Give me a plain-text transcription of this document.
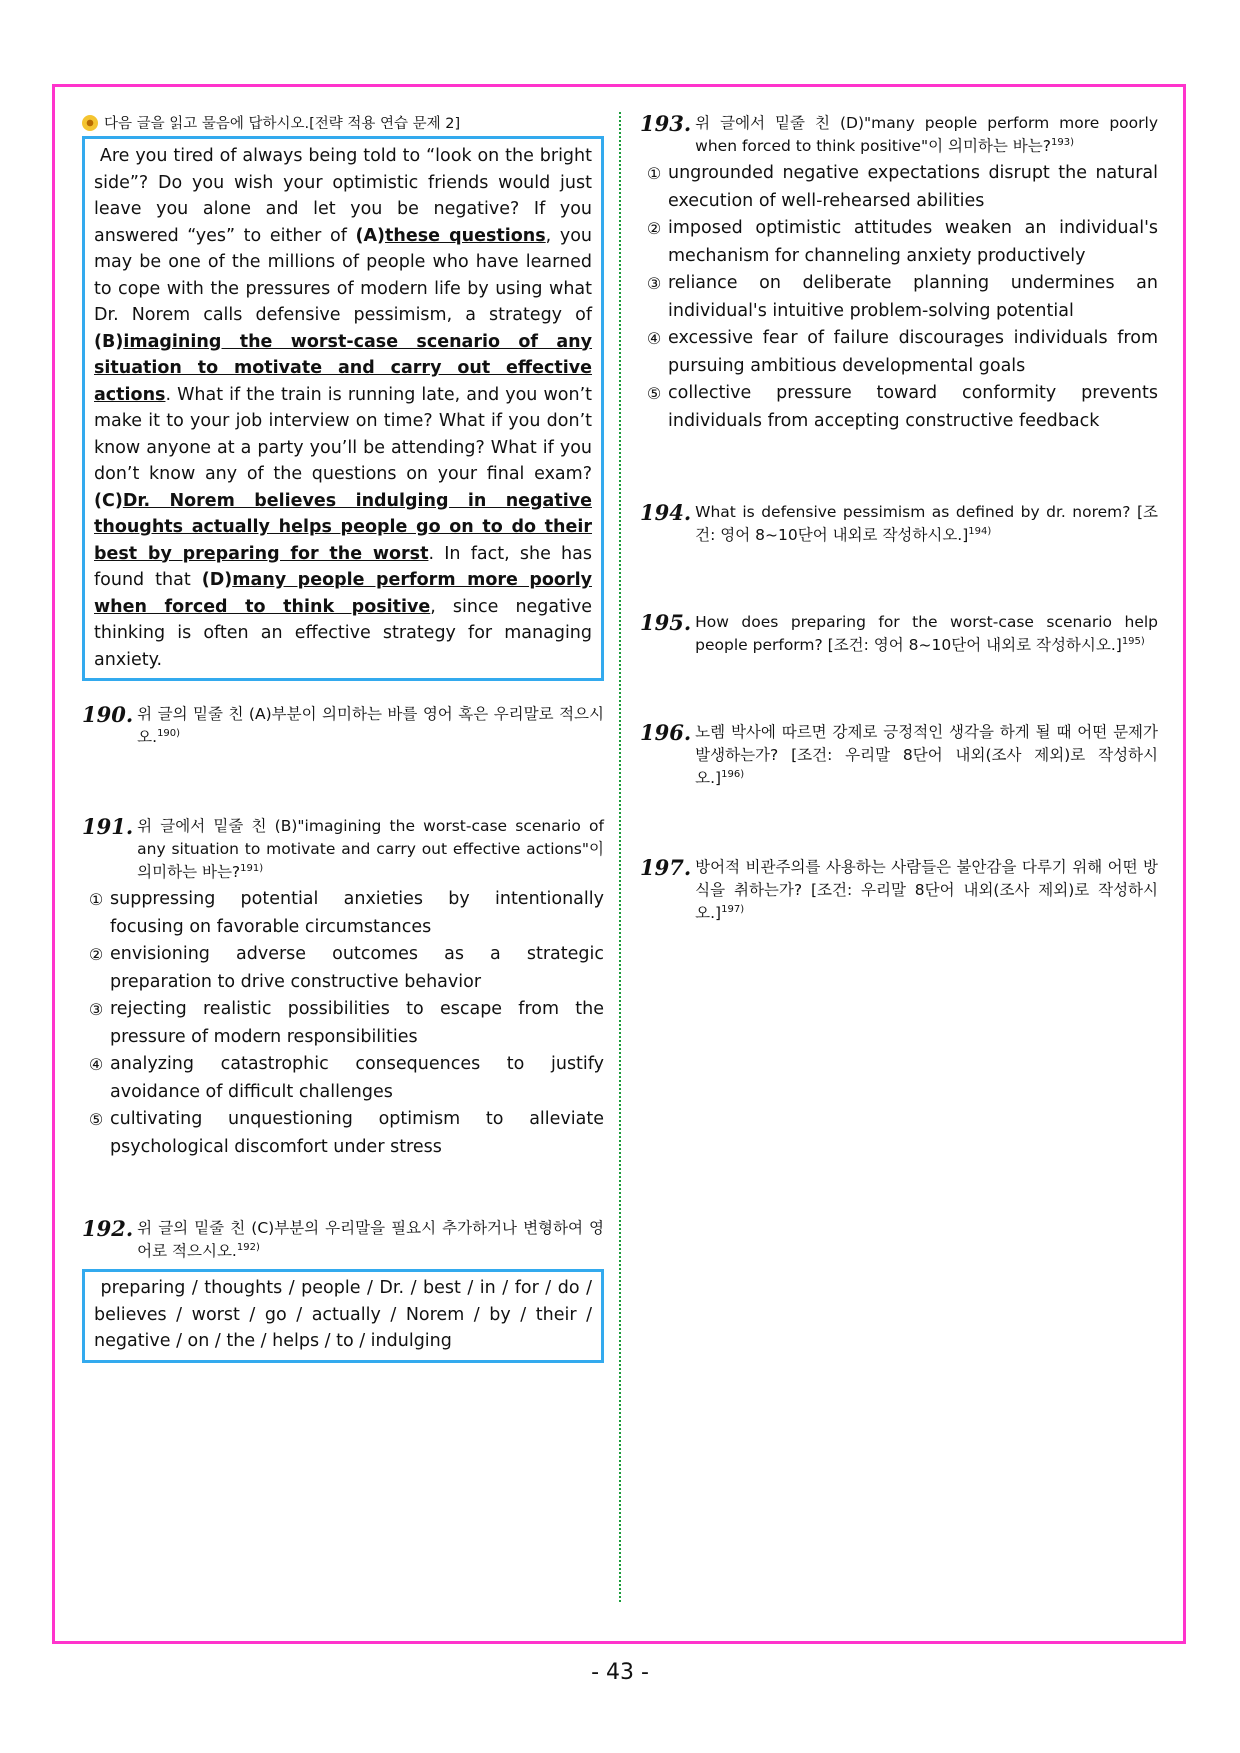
다음 글을 읽고 물음에 답하시오.[전략 적용 연습 문제 2]
Are you tired of always being told to “look on the bright side”? Do you wish your optimistic friends would just leave you alone and let you be negative? If you answered “yes” to either of (A)these questions, you may be one of the millions of people who have learned to cope with the pressures of modern life by using what Dr. Norem calls defensive pessimism, a strategy of (B)imagining the worst-case scenario of any situation to motivate and carry out effective actions. What if the train is running late, and you won’t make it to your job interview on time? What if you don’t know anyone at a party you’ll be attending? What if you don’t know any of the questions on your final exam? (C)Dr. Norem believes indulging in negative thoughts actually helps people go on to do their best by preparing for the worst. In fact, she has found that (D)many people perform more poorly when forced to think positive, since negative thinking is often an effective strategy for managing anxiety.
190. 위 글의 밑줄 친 (A)부분이 의미하는 바를 영어 혹은 우리말로 적으시오.$^{190)}$
191. 위 글에서 밑줄 친 (B)"imagining the worst-case scenario of any situation to motivate and carry out effective actions"이 의미하는 바는?$^{191)}$
① suppressing potential anxieties by intentionally focusing on favorable circumstances
② envisioning adverse outcomes as a strategic preparation to drive constructive behavior
③ rejecting realistic possibilities to escape from the pressure of modern responsibilities
④ analyzing catastrophic consequences to justify avoidance of difficult challenges
⑤ cultivating unquestioning optimism to alleviate psychological discomfort under stress
192. 위 글의 밑줄 친 (C)부분의 우리말을 필요시 추가하거나 변형하여 영어로 적으시오.$^{192)}$
preparing / thoughts / people / Dr. / best / in / for / do / believes / worst / go / actually / Norem / by / their / negative / on / the / helps / to / indulging
193. 위 글에서 밑줄 친 (D)"many people perform more poorly when forced to think positive"이 의미하는 바는?$^{193)}$
① ungrounded negative expectations disrupt the natural execution of well-rehearsed abilities
② imposed optimistic attitudes weaken an individual's mechanism for channeling anxiety productively
③ reliance on deliberate planning undermines an individual's intuitive problem-solving potential
④ excessive fear of failure discourages individuals from pursuing ambitious developmental goals
⑤ collective pressure toward conformity prevents individuals from accepting constructive feedback
194. What is defensive pessimism as defined by dr. norem? [조건: 영어 8~10단어 내외로 작성하시오.]$^{194)}$
195. How does preparing for the worst-case scenario help people perform? [조건: 영어 8~10단어 내외로 작성하시오.]$^{195)}$
196. 노렘 박사에 따르면 강제로 긍정적인 생각을 하게 될 때 어떤 문제가 발생하는가? [조건: 우리말 8단어 내외(조사 제외)로 작성하시오.]$^{196)}$
197. 방어적 비관주의를 사용하는 사람들은 불안감을 다루기 위해 어떤 방식을 취하는가? [조건: 우리말 8단어 내외(조사 제외)로 작성하시오.]$^{197)}$
- 43 -
